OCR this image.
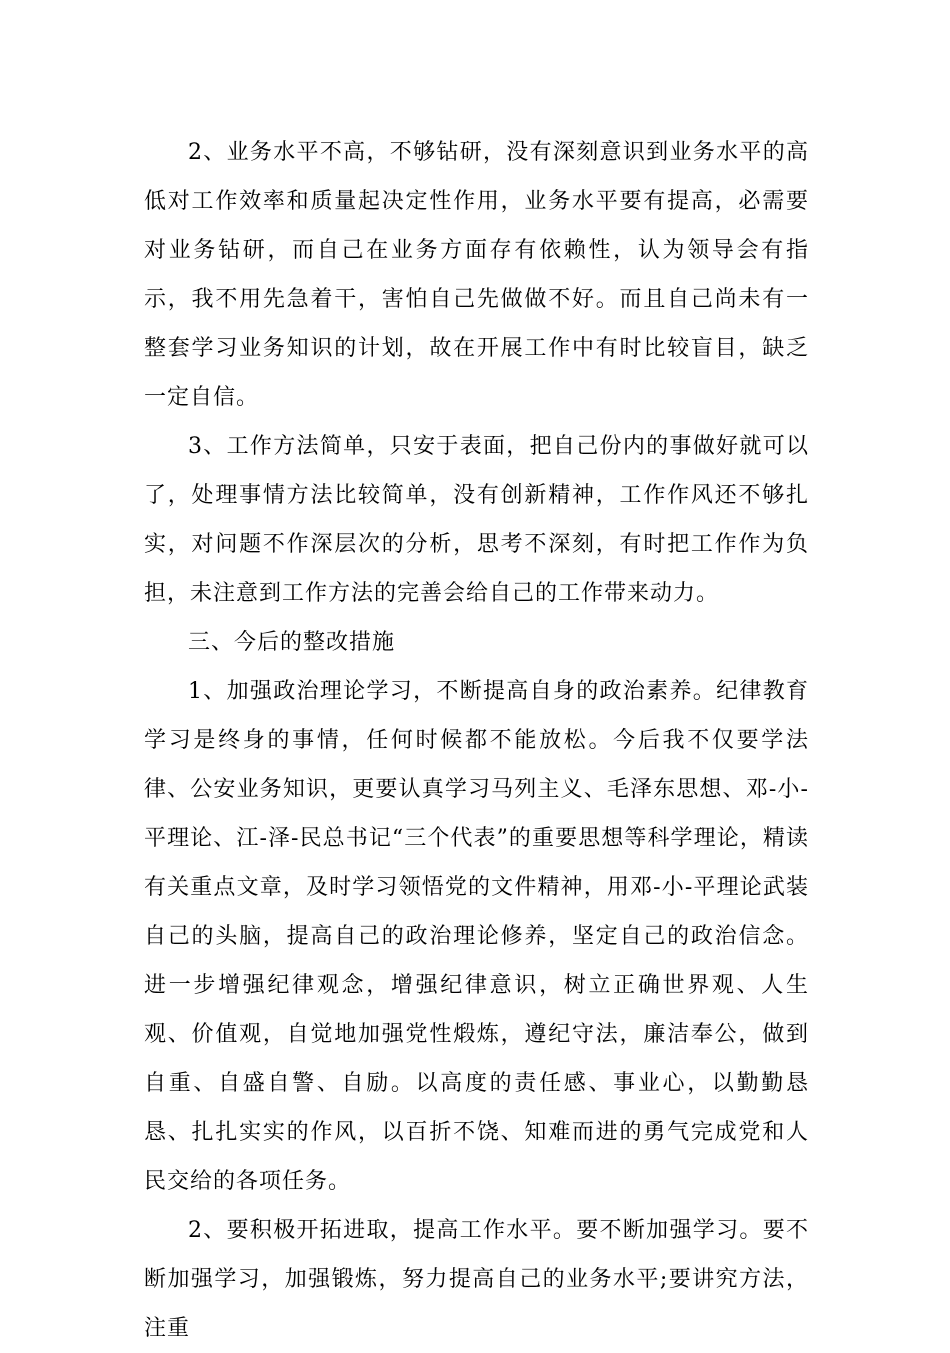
2、业务水平不高，不够钻研，没有深刻意识到业务水平的高低对工作效率和质量起决定性作用，业务水平要有提高，必需要对业务钻研，而自己在业务方面存有依赖性，认为领导会有指示，我不用先急着干，害怕自己先做做不好。而且自己尚未有一整套学习业务知识的计划，故在开展工作中有时比较盲目，缺乏一定自信。

3、工作方法简单，只安于表面，把自己份内的事做好就可以了，处理事情方法比较简单，没有创新精神，工作作风还不够扎实，对问题不作深层次的分析，思考不深刻，有时把工作作为负担，未注意到工作方法的完善会给自己的工作带来动力。

三、今后的整改措施

1、加强政治理论学习，不断提高自身的政治素养。纪律教育学习是终身的事情，任何时候都不能放松。今后我不仅要学法律、公安业务知识，更要认真学习马列主义、毛泽东思想、邓-小-平理论、江-泽-民总书记“三个代表”的重要思想等科学理论，精读有关重点文章，及时学习领悟党的文件精神，用邓-小-平理论武装自己的头脑，提高自己的政治理论修养，坚定自己的政治信念。进一步增强纪律观念，增强纪律意识，树立正确世界观、人生观、价值观，自觉地加强党性煅炼，遵纪守法，廉洁奉公，做到自重、自盛自警、自励。以高度的责任感、事业心，以勤勤恳恳、扎扎实实的作风，以百折不饶、知难而进的勇气完成党和人民交给的各项任务。

2、要积极开拓进取，提高工作水平。要不断加强学习。要不断加强学习，加强锻炼，努力提高自己的业务水平;要讲究方法，注重
